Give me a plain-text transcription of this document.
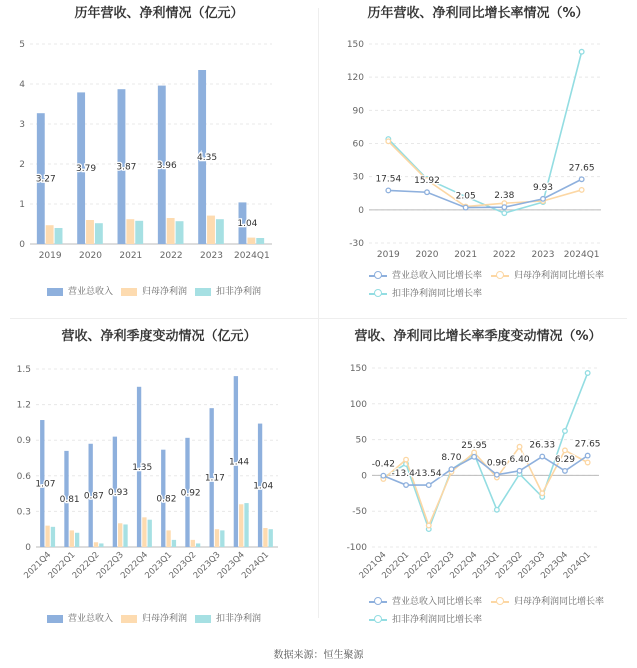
历年营收、净利情况（亿元）
0
1
2
3
4
5
3.27
2019
3.79
2020
3.87
2021
3.96
2022
4.35
2023
1.04
2024Q1
营业总收入	归母净利润	扣非净利润
历年营收、净利同比增长率情况（%）
150
120
90
60
30
0
-30
2019 2020 2021 2022 2023 2024Q1
17.54 15.92
2.05 2.38
9.93
27.65
营业总收入同比增长率	归母净利润同比增长率
扣非净利润同比增长率
营收、净利季度变动情况（亿元）
0
0.3
0.6
0.9
1.2
1.5
1.07
2021Q4
0.81
2022Q1
0.87
2022Q2
0.93
2022Q3
1.35
2022Q4
0.82
2023Q1
0.92
2023Q2
1.17
2023Q3
1.44
2023Q4
1.04
2024Q1
营业总收入	归母净利润	扣非净利润
营收、净利同比增长率季度变动情况（%）
150
100
50
0
-50
-100
2021Q4
2022Q1
2022Q2
2022Q3
2022Q4
2023Q1
2023Q2
2023Q3
2023Q4
2024Q1
-0.42
-13.44
13.54
8.70
25.95
0.96 6.40
26.33
6.29
27.65
营业总收入同比增长率	归母净利润同比增长率
扣非净利润同比增长率
数据来源：恒生聚源
